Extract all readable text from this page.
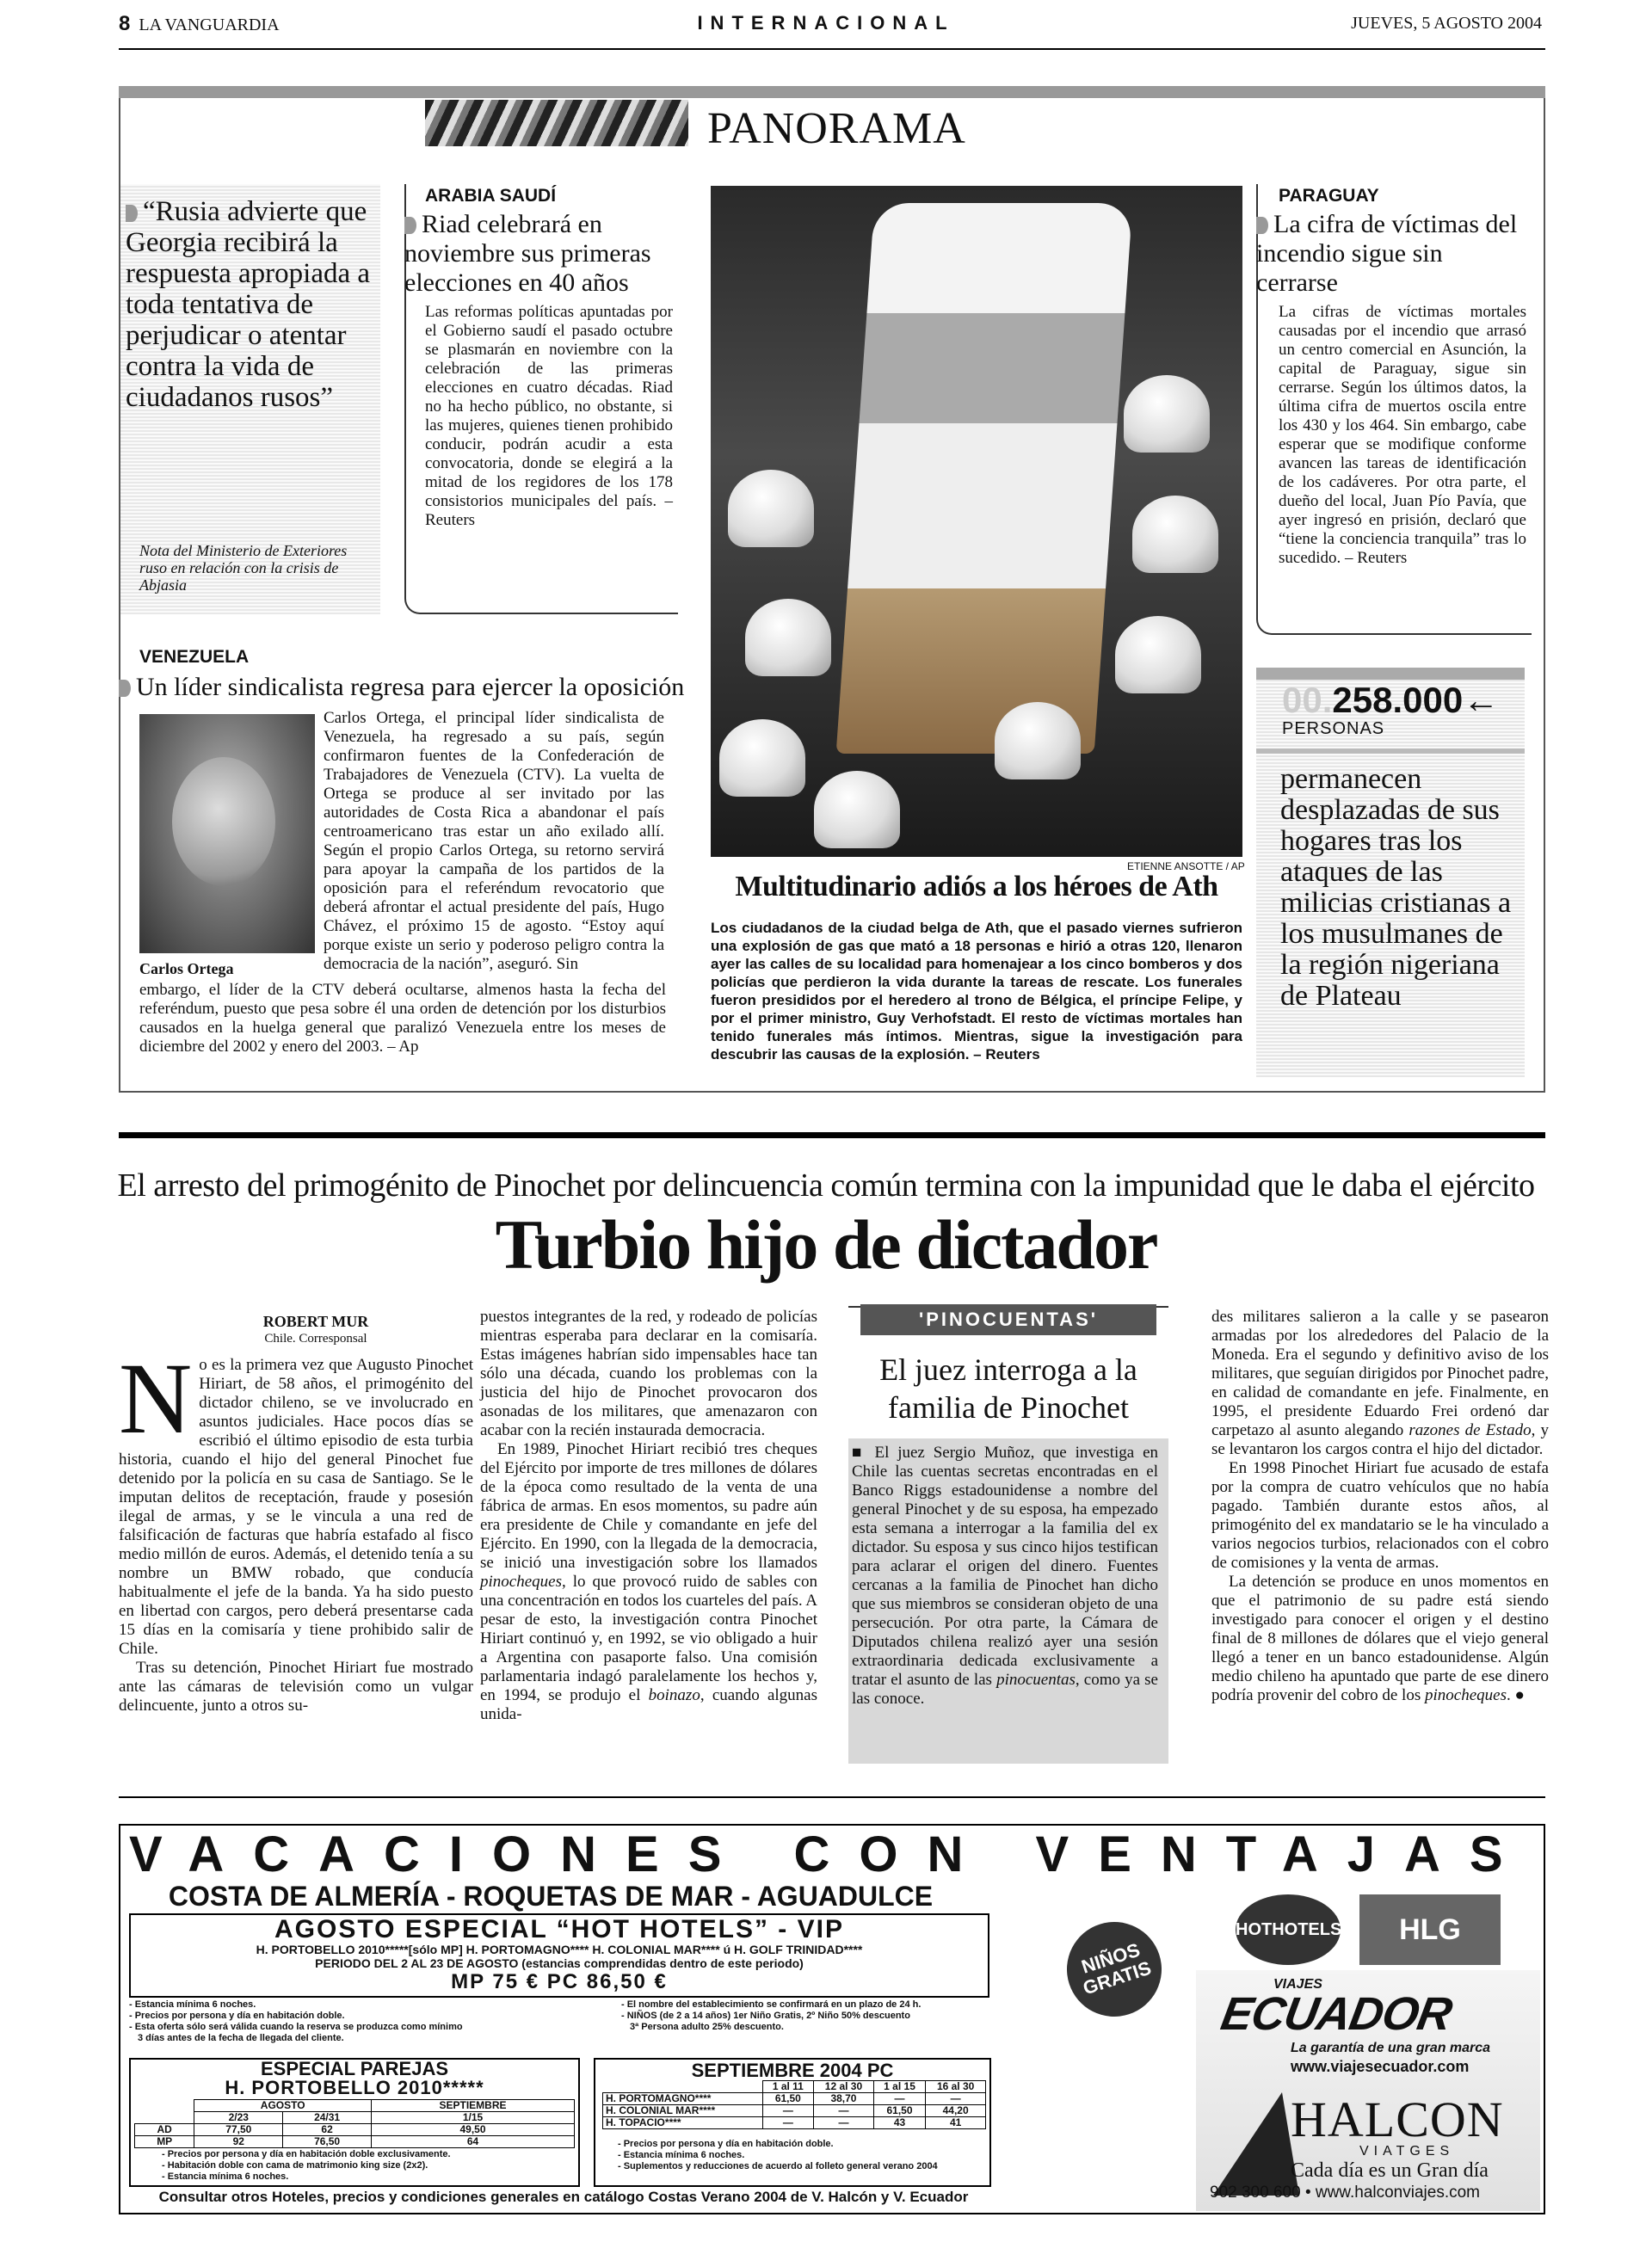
8 LA VANGUARDIA	INTERNACIONAL	JUEVES, 5 AGOSTO 2004
PANORAMA
“Rusia advierte que Georgia recibirá la respuesta apropiada a toda tentativa de perjudicar o atentar contra la vida de ciudadanos rusos”
Nota del Ministerio de Exteriores ruso en relación con la crisis de Abjasia
ARABIA SAUDÍ
Riad celebrará en noviembre sus primeras elecciones en 40 años
Las reformas políticas apuntadas por el Gobierno saudí el pasado octubre se plasmarán en noviembre con la celebración de las primeras elecciones en cuatro décadas. Riad no ha hecho público, no obstante, si las mujeres, quienes tienen prohibido conducir, podrán acudir a esta convocatoria, donde se elegirá a la mitad de los regidores de los 178 consistorios municipales del país. – Reuters
ETIENNE ANSOTTE / AP
Multitudinario adiós a los héroes de Ath
Los ciudadanos de la ciudad belga de Ath, que el pasado viernes sufrieron una explosión de gas que mató a 18 personas e hirió a otras 120, llenaron ayer las calles de su localidad para homenajear a los cinco bomberos y dos policías que perdieron la vida durante la tareas de rescate. Los funerales fueron presididos por el heredero al trono de Bélgica, el príncipe Felipe, y por el primer ministro, Guy Verhofstadt. El resto de víctimas mortales han tenido funerales más íntimos. Mientras, sigue la investigación para descubrir las causas de la explosión. – Reuters
PARAGUAY
La cifra de víctimas del incendio sigue sin cerrarse
La cifras de víctimas mortales causadas por el incendio que arrasó un centro comercial en Asunción, la capital de Paraguay, sigue sin cerrarse. Según los últimos datos, la última cifra de muertos oscila entre los 430 y los 464. Sin embargo, cabe esperar que se modifique conforme avancen las tareas de identificación de los cadáveres. Por otra parte, el dueño del local, Juan Pío Pavía, que ayer ingresó en prisión, declaró que “tiene la conciencia tranquila” tras lo sucedido. – Reuters
00.258.000←
PERSONAS
permanecen desplazadas de sus hogares tras los ataques de las milicias cristianas a los musulmanes de la región nigeriana de Plateau
VENEZUELA
Un líder sindicalista regresa para ejercer la oposición
Carlos Ortega
Carlos Ortega, el principal líder sindicalista de Venezuela, ha regresado a su país, según confirmaron fuentes de la Confederación de Trabajadores de Venezuela (CTV). La vuelta de Ortega se produce al ser invitado por las autoridades de Costa Rica a abandonar el país centroamericano tras estar un año exilado allí. Según el propio Carlos Ortega, su retorno servirá para apoyar la campaña de los partidos de la oposición para el referéndum revocatorio que deberá afrontar el actual presidente del país, Hugo Chávez, el próximo 15 de agosto. “Estoy aquí porque existe un serio y poderoso peligro contra la democracia de la nación”, aseguró. Sin
embargo, el líder de la CTV deberá ocultarse, almenos hasta la fecha del referéndum, puesto que pesa sobre él una orden de detención por los disturbios causados en la huelga general que paralizó Venezuela entre los meses de diciembre del 2002 y enero del 2003. – Ap
El arresto del primogénito de Pinochet por delincuencia común termina con la impunidad que le daba el ejército
Turbio hijo de dictador
ROBERT MUR
Chile. Corresponsal
No es la primera vez que Augusto Pinochet Hiriart, de 58 años, el primogénito del dictador chileno, se ve involucrado en asuntos judiciales. Hace pocos días se escribió el último episodio de esta turbia historia, cuando el hijo del general Pinochet fue detenido por la policía en su casa de Santiago. Se le imputan delitos de receptación, fraude y posesión ilegal de armas, y se le vincula a una red de falsificación de facturas que habría estafado al fisco medio millón de euros. Además, el detenido tenía a su nombre un BMW robado, que conducía habitualmente el jefe de la banda. Ya ha sido puesto en libertad con cargos, pero deberá presentarse cada 15 días en la comisaría y tiene prohibido salir de Chile.
Tras su detención, Pinochet Hiriart fue mostrado ante las cámaras de televisión como un vulgar delincuente, junto a otros su-
puestos integrantes de la red, y rodeado de policías mientras esperaba para declarar en la comisaría. Estas imágenes habrían sido impensables hace tan sólo una década, cuando los problemas con la justicia del hijo de Pinochet provocaron dos asonadas de los militares, que amenazaron con acabar con la recién instaurada democracia.
En 1989, Pinochet Hiriart recibió tres cheques del Ejército por importe de tres millones de dólares de la época como resultado de la venta de una fábrica de armas. En esos momentos, su padre aún era presidente de Chile y comandante en jefe del Ejército. En 1990, con la llegada de la democracia, se inició una investigación sobre los llamados pinocheques, lo que provocó ruido de sables con una concentración en todos los cuarteles del país. A pesar de esto, la investigación contra Pinochet Hiriart continuó y, en 1992, se vio obligado a huir a Argentina con pasaporte falso. Una comisión parlamentaria indagó paralelamente los hechos y, en 1994, se produjo el boinazo, cuando algunas unida-
des militares salieron a la calle y se pasearon armadas por los alrededores del Palacio de la Moneda. Era el segundo y definitivo aviso de los militares, que seguían dirigidos por Pinochet padre, en calidad de comandante en jefe. Finalmente, en 1995, el presidente Eduardo Frei ordenó dar carpetazo al asunto alegando razones de Estado, y se levantaron los cargos contra el hijo del dictador.
En 1998 Pinochet Hiriart fue acusado de estafa por la compra de cuatro vehículos que no había pagado. También durante estos años, al primogénito del ex mandatario se le ha vinculado a varios negocios turbios, relacionados con el cobro de comisiones y la venta de armas.
La detención se produce en unos momentos en que el patrimonio de su padre está siendo investigado para conocer el origen y el destino final de 8 millones de dólares que el viejo general llegó a tener en un banco estadounidense. Algún medio chileno ha apuntado que parte de ese dinero podría provenir del cobro de los pinocheques. ●
'PINOCUENTAS'
El juez interroga a la familia de Pinochet
■ El juez Sergio Muñoz, que investiga en Chile las cuentas secretas encontradas en el Banco Riggs estadounidense a nombre del general Pinochet y de su esposa, ha empezado esta semana a interrogar a la familia del ex dictador. Su esposa y sus cinco hijos testifican para aclarar el origen del dinero. Fuentes cercanas a la familia de Pinochet han dicho que sus miembros se consideran objeto de una persecución. Por otra parte, la Cámara de Diputados chilena realizó ayer una sesión extraordinaria dedicada exclusivamente a tratar el asunto de las pinocuentas, como ya se las conoce.
VACACIONES CON VENTAJAS
COSTA DE ALMERÍA - ROQUETAS DE MAR - AGUADULCE
AGOSTO ESPECIAL “HOT HOTELS” - VIP
H. PORTOBELLO 2010*****[sólo MP] H. PORTOMAGNO**** H. COLONIAL MAR**** ú H. GOLF TRINIDAD****
PERIODO DEL 2 AL 23 DE AGOSTO (estancias comprendidas dentro de este periodo)
MP 75 € PC 86,50 €
- Estancia mínima 6 noches.
- Precios por persona y día en habitación doble.
- Esta oferta sólo será válida cuando la reserva se produzca como mínimo
3 días antes de la fecha de llegada del cliente.
- El nombre del establecimiento se confirmará en un plazo de 24 h.
- NIÑOS (de 2 a 14 años) 1er Niño Gratis, 2º Niño 50% descuento
3ª Persona adulto 25% descuento.
ESPECIAL PAREJAS
H. PORTOBELLO 2010*****
	AGOSTO		SEPTIEMBRE
	2/23	24/31	1/15
AD	77,50	62	49,50
MP	92	76,50	64
- Precios por persona y día en habitación doble exclusivamente.
- Habitación doble con cama de matrimonio king size (2x2).
- Estancia mínima 6 noches.
SEPTIEMBRE 2004 PC
	1 al 11	12 al 30	1 al 15	16 al 30
H. PORTOMAGNO****	61,50	38,70	—	—
H. COLONIAL MAR****	—	—	61,50	44,20
H. TOPACIO****	—	—	43	41
- Precios por persona y día en habitación doble.
- Estancia mínima 6 noches.
- Suplementos y reducciones de acuerdo al folleto general verano 2004
Consultar otros Hoteles, precios y condiciones generales en catálogo Costas Verano 2004 de V. Halcón y V. Ecuador
NIÑOS GRATIS
HOTHOTELS	HLG
VIAJES
ECUADOR
La garantía de una gran marca
www.viajesecuador.com
HALCON
VIATGES
Cada día es un Gran día
902 300 600 • www.halconviajes.com
